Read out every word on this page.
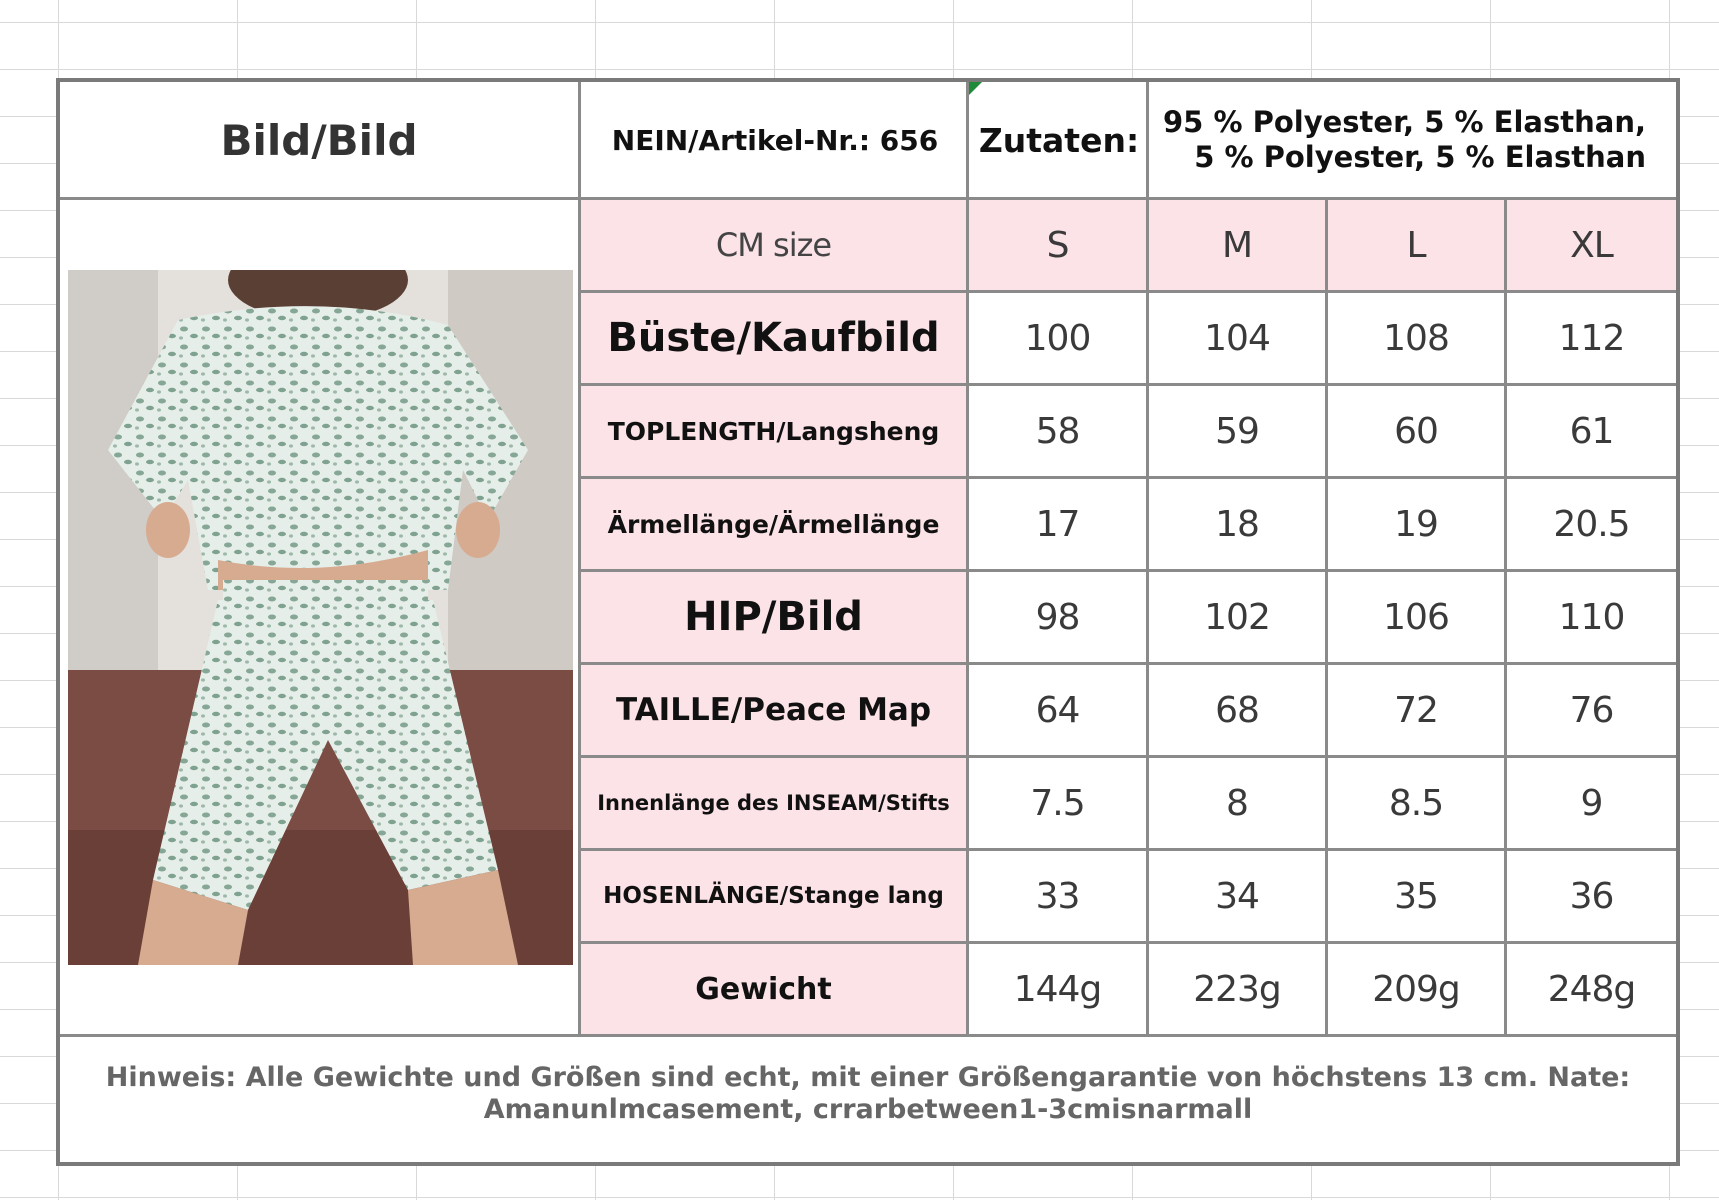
Bild/Bild	NEIN/Artikel-Nr.: 656	Zutaten: 95 % Polyester, 5 % Elasthan,
5 % Polyester, 5 % Elasthan
CM size	S	M	L	XL
Büste/Kaufbild	100	104	108	112
TOPLENGTH/Langsheng	58	59	60	61
Ärmellänge/Ärmellänge	17	18	19	20.5
HIP/Bild	98	102	106	110
TAILLE/Peace Map	64	68	72	76
Innenlänge des INSEAM/Stifts	7.5	8	8.5	9
HOSENLÄNGE/Stange lang	33	34	35	36
Gewicht	144g	223g	209g	248g
Hinweis: Alle Gewichte und Größen sind echt, mit einer Größengarantie von höchstens 13 cm. Nate:
Amanunlmcasement, crrarbetween1-3cmisnarmall
